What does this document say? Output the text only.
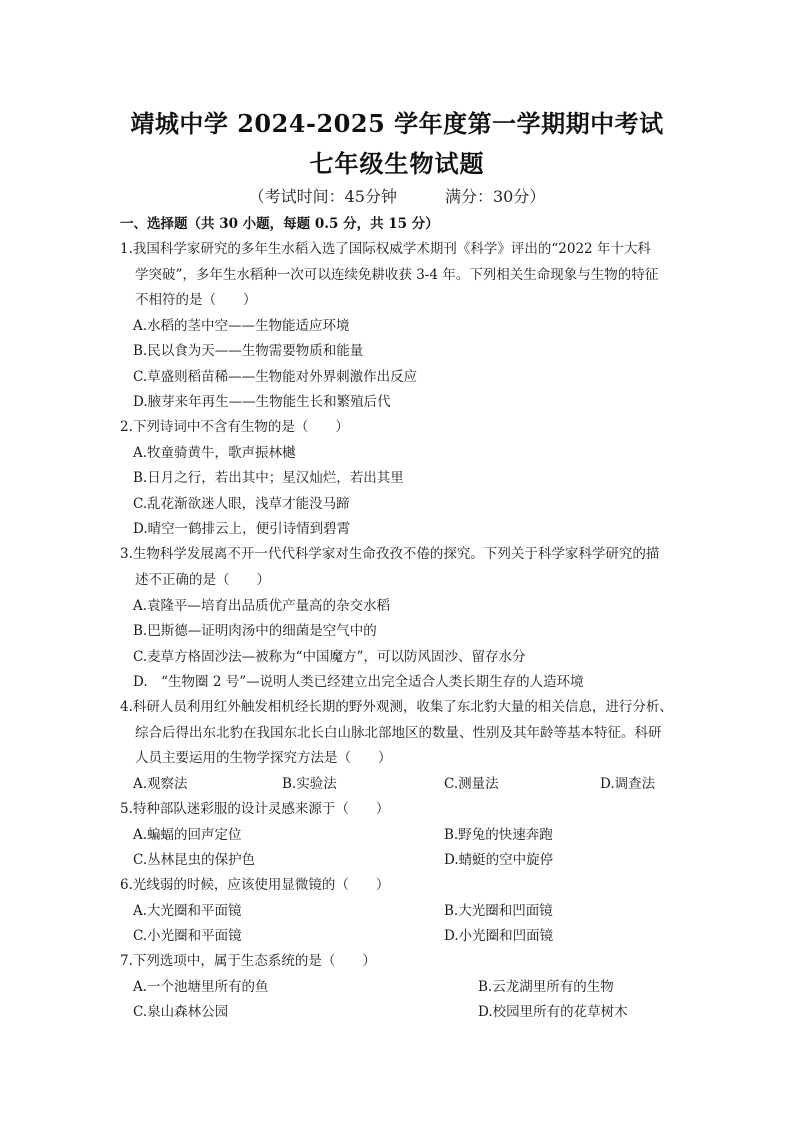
靖城中学 2024-2025 学年度第一学期期中考试
七年级生物试题
（考试时间：45分钟	满分：30分）
一、选择题（共 30 小题，每题 0.5 分，共 15 分）
1.我国科学家研究的多年生水稻入选了国际权威学术期刊《科学》评出的“2022 年十大科
学突破”，多年生水稻种一次可以连续免耕收获 3-4 年。下列相关生命现象与生物的特征
不相符的是（　　）
A.水稻的茎中空——生物能适应环境
B.民以食为天——生物需要物质和能量
C.草盛则稻苗稀——生物能对外界刺激作出反应
D.腋芽来年再生——生物能生长和繁殖后代
2.下列诗词中不含有生物的是（　　）
A.牧童骑黄牛，歌声振林樾
B.日月之行，若出其中；星汉灿烂，若出其里
C.乱花渐欲迷人眼，浅草才能没马蹄
D.晴空一鹤排云上，便引诗情到碧霄
3.生物科学发展离不开一代代科学家对生命孜孜不倦的探究。下列关于科学家科学研究的描
述不正确的是（　　）
A.袁隆平—培育出品质优产量高的杂交水稻
B.巴斯德—证明肉汤中的细菌是空气中的
C.麦草方格固沙法—被称为“中国魔方”，可以防风固沙、留存水分
D.　“生物圈 2 号”—说明人类已经建立出完全适合人类长期生存的人造环境
4.科研人员利用红外触发相机经长期的野外观测，收集了东北豹大量的相关信息，进行分析、
综合后得出东北豹在我国东北长白山脉北部地区的数量、性别及其年龄等基本特征。科研
人员主要运用的生物学探究方法是（　　）
A.观察法	B.实验法	C.测量法	D.调查法
5.特种部队迷彩服的设计灵感来源于（　　）
A.蝙蝠的回声定位	B.野兔的快速奔跑
C.丛林昆虫的保护色	D.蜻蜓的空中旋停
6.光线弱的时候，应该使用显微镜的（　　）
A.大光圈和平面镜	B.大光圈和凹面镜
C.小光圈和平面镜	D.小光圈和凹面镜
7.下列选项中，属于生态系统的是（　　）
A.一个池塘里所有的鱼	B.云龙湖里所有的生物
C.泉山森林公园	D.校园里所有的花草树木
